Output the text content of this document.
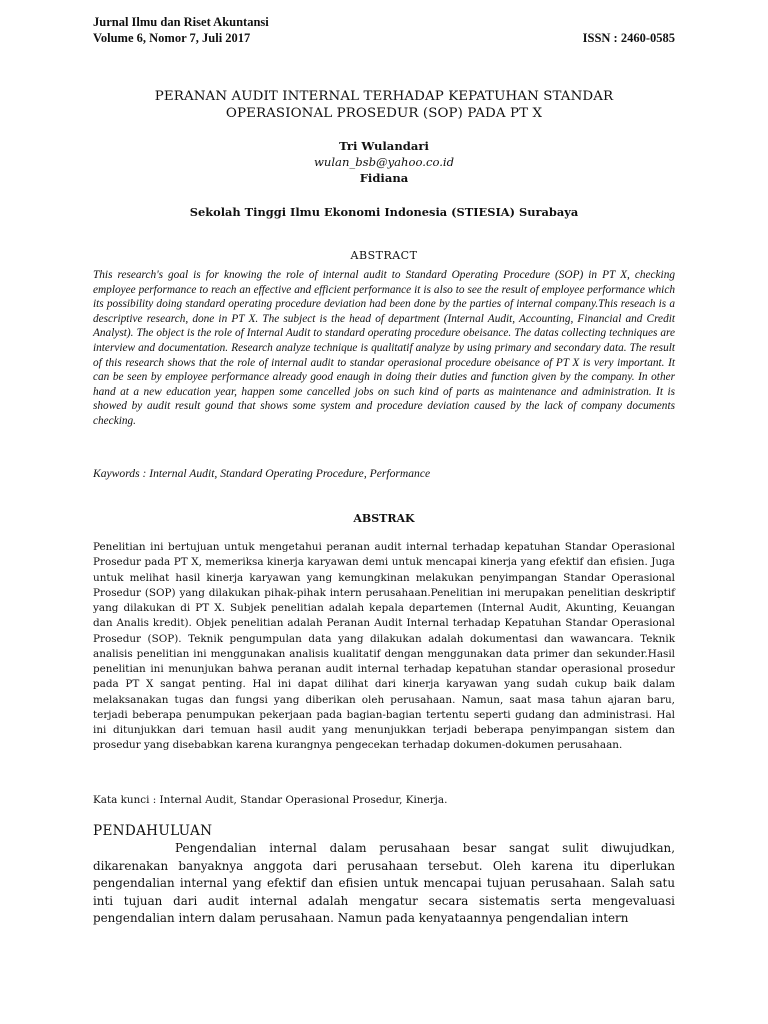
Jurnal Ilmu dan Riset Akuntansi
Volume 6, Nomor 7, Juli 2017	ISSN : 2460-0585
PERANAN AUDIT INTERNAL TERHADAP KEPATUHAN STANDAR
OPERASIONAL PROSEDUR (SOP) PADA PT X
Tri Wulandari
wulan_bsb@yahoo.co.id
Fidiana
Sekolah Tinggi Ilmu Ekonomi Indonesia (STIESIA) Surabaya
ABSTRACT
This research's goal is for knowing the role of internal audit to Standard Operating Procedure (SOP) in PT X, checking employee performance to reach an effective and efficient performance it is also to see the result of employee performance which its possibility doing standard operating procedure deviation had been done by the parties of internal company.This reseach is a descriptive research, done in PT X. The subject is the head of department (Internal Audit, Accounting, Financial and Credit Analyst). The object is the role of Internal Audit to standard operating procedure obeisance. The datas collecting techniques are interview and documentation. Research analyze technique is qualitatif analyze by using primary and secondary data. The result of this research shows that the role of internal audit to standar operasional procedure obeisance of PT X is very important. It can be seen by employee performance already good enaugh in doing their duties and function given by the company. In other hand at a new education year, happen some cancelled jobs on such kind of parts as maintenance and administration. It is showed by audit result gound that shows some system and procedure deviation caused by the lack of company documents checking.
Kaywords : Internal Audit, Standard Operating Procedure, Performance
ABSTRAK
Penelitian ini bertujuan untuk mengetahui peranan audit internal terhadap kepatuhan Standar Operasional Prosedur pada PT X, memeriksa kinerja karyawan demi untuk mencapai kinerja yang efektif dan efisien. Juga untuk melihat hasil kinerja karyawan yang kemungkinan melakukan penyimpangan Standar Operasional Prosedur (SOP) yang dilakukan pihak-pihak intern perusahaan.Penelitian ini merupakan penelitian deskriptif yang dilakukan di PT X. Subjek penelitian adalah kepala departemen (Internal Audit, Akunting, Keuangan dan Analis kredit). Objek penelitian adalah Peranan Audit Internal terhadap Kepatuhan Standar Operasional Prosedur (SOP). Teknik pengumpulan data yang dilakukan adalah dokumentasi dan wawancara. Teknik analisis penelitian ini menggunakan analisis kualitatif dengan menggunakan data primer dan sekunder.Hasil penelitian ini menunjukan bahwa peranan audit internal terhadap kepatuhan standar operasional prosedur pada PT X sangat penting. Hal ini dapat dilihat dari kinerja karyawan yang sudah cukup baik dalam melaksanakan tugas dan fungsi yang diberikan oleh perusahaan. Namun, saat masa tahun ajaran baru, terjadi beberapa penumpukan pekerjaan pada bagian-bagian tertentu seperti gudang dan administrasi. Hal ini ditunjukkan dari temuan hasil audit yang menunjukkan terjadi beberapa penyimpangan sistem dan prosedur yang disebabkan karena kurangnya pengecekan terhadap dokumen-dokumen perusahaan.
Kata kunci : Internal Audit, Standar Operasional Prosedur, Kinerja.
PENDAHULUAN
Pengendalian internal dalam perusahaan besar sangat sulit diwujudkan, dikarenakan banyaknya anggota dari perusahaan tersebut. Oleh karena itu diperlukan pengendalian internal yang efektif dan efisien untuk mencapai tujuan perusahaan. Salah satu inti tujuan dari audit internal adalah mengatur secara sistematis serta mengevaluasi pengendalian intern dalam perusahaan. Namun pada kenyataannya pengendalian intern
